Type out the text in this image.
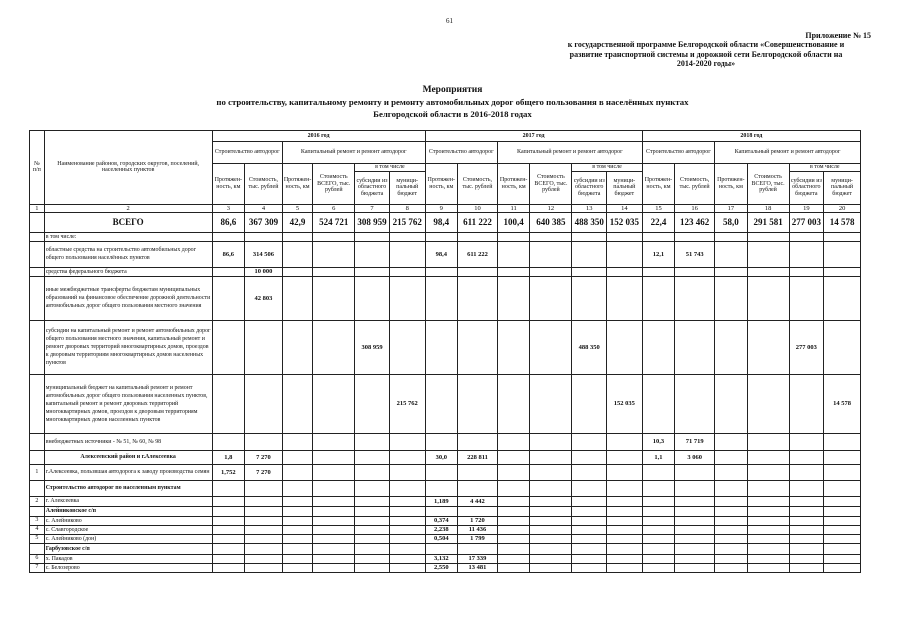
61
Приложение № 15
к государственной программе Белгородской области «Совершенствование и
развитие транспортной системы и дорожной сети Белгородской области на
2014-2020 годы»
Мероприятия
по строительству, капитальному ремонту и ремонту автомобильных дорог общего пользования в населённых пунктах
Белгородской области в 2016-2018 годах
№ п/п	Наименование районов, городских округов, поселений, населенных пунктов	2016 год						2017 год						2018 год					
		Строительство автодорог		Капитальный ремонт и ремонт автодорог				Строительство автодорог		Капитальный ремонт и ремонт автодорог				Строительство автодорог		Капитальный ремонт и ремонт автодорог			
		Протяжен-ность, км	Стоимость, тыс. рублей	Протяжен-ность, км	Стоимость ВСЕГО, тыс. рублей	в том числе		Протяжен-ность, км	Стоимость, тыс. рублей	Протяжен-ность, км	Стоимость ВСЕГО, тыс. рублей	в том числе		Протяжен-ность, км	Стоимость, тыс. рублей	Протяжен-ность, км	Стоимость ВСЕГО, тыс. рублей	в том числе	
						субсидии из областного бюджета	муници-пальный бюджет					субсидии из областного бюджета	муници-пальный бюджет					субсидии из областного бюджета	муници-пальный бюджет
1	2	3	4	5	6	7	8	9	10	11	12	13	14	15	16	17	18	19	20
	ВСЕГО	86,6	367 309	42,9	524 721	308 959	215 762	98,4	611 222	100,4	640 385	488 350	152 035	22,4	123 462	58,0	291 581	277 003	14 578
	в том числе:																		
	областные средства на строительство автомобильных дорог общего пользования населённых пунктов	86,6	314 506					98,4	611 222					12,1	51 743				
	средства федерального бюджета		10 000																
	иные межбюджетные трансферты бюджетам муниципальных образований на финансовое обеспечение дорожной деятельности автомобильных дорог общего пользования местного значения		42 803																
	субсидии на капитальный ремонт и ремонт автомобильных дорог общего пользования местного значения, капитальный ремонт и ремонт дворовых территорий многоквартирных домов, проездов к дворовым территориям многоквартирных домов населенных пунктов					308 959						488 350						277 003	
	муниципальный бюджет на капитальный ремонт и ремонт автомобильных дорог общего пользования населенных пунктов, капитальный ремонт и ремонт дворовых территорий многоквартирных домов, проездов к дворовым территориям многоквартирных домов населенных пунктов						215 762						152 035						14 578
	внебюджетных источники - № 51, № 60, № 98													10,3	71 719				
	Алексеевский район и г.Алексеевка	1,8	7 270					30,0	228 811					1,1	3 060				
1	г.Алексеевка, пользвшая автодорога к заводу производства семян	1,752	7 270																
	Строительство автодорог по населенным пунктам																		
2	г. Алексеевка							1,189	4 442										
	Алейниковское с/п																		
3	с. Алейниково							0,374	1 720										
4	с. Славгородское							2,238	11 436										
5	с. Алейниково (дон)							0,504	1 799										
	Гарбузовское с/п																		
6	х. Пакадов							3,132	17 339										
7	с. Белозерово							2,550	13 481										
